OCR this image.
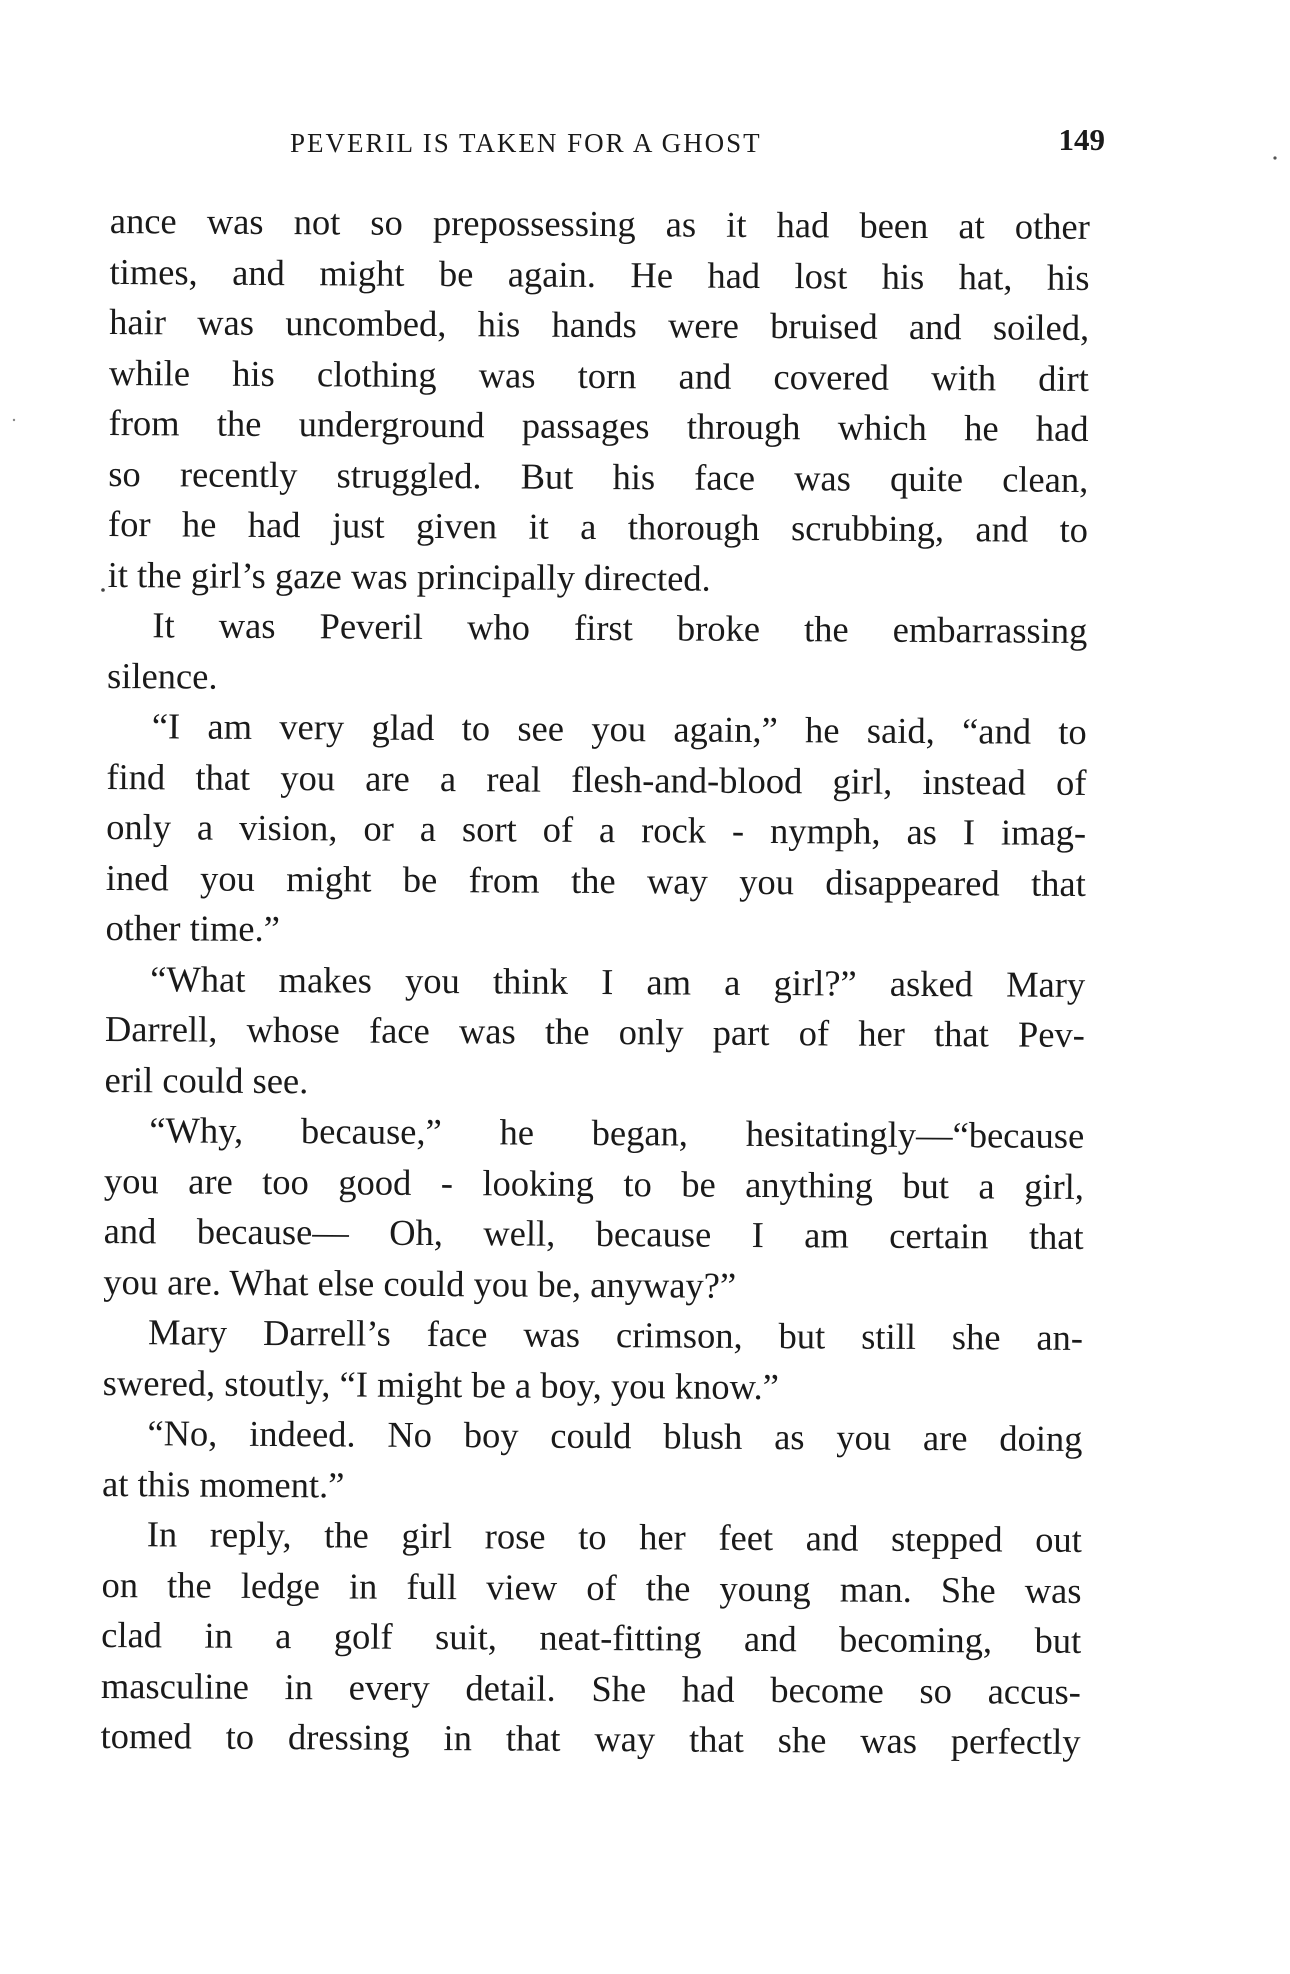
PEVERIL IS TAKEN FOR A GHOST	149
ance was not so prepossessing as it had been at other
times, and might be again. He had lost his hat, his
hair was uncombed, his hands were bruised and soiled,
while his clothing was torn and covered with dirt
from the underground passages through which he had
so recently struggled. But his face was quite clean,
for he had just given it a thorough scrubbing, and to
it the girl’s gaze was principally directed.
It was Peveril who first broke the embarrassing
silence.
“I am very glad to see you again,” he said, “and to
find that you are a real flesh-and-blood girl, instead of
only a vision, or a sort of a rock - nymph, as I imag-
ined you might be from the way you disappeared that
other time.”
“What makes you think I am a girl?” asked Mary
Darrell, whose face was the only part of her that Pev-
eril could see.
“Why, because,” he began, hesitatingly—“because
you are too good - looking to be anything but a girl,
and because— Oh, well, because I am certain that
you are. What else could you be, anyway?”
Mary Darrell’s face was crimson, but still she an-
swered, stoutly, “I might be a boy, you know.”
“No, indeed. No boy could blush as you are doing
at this moment.”
In reply, the girl rose to her feet and stepped out
on the ledge in full view of the young man. She was
clad in a golf suit, neat-fitting and becoming, but
masculine in every detail. She had become so accus-
tomed to dressing in that way that she was perfectly
